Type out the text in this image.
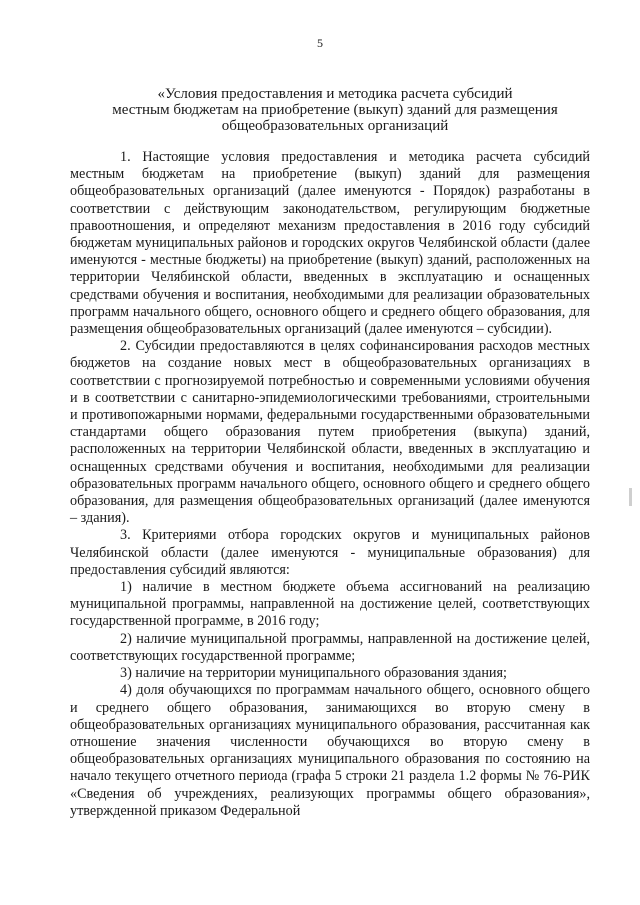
5
«Условия предоставления и методика расчета субсидий
местным бюджетам на приобретение (выкуп) зданий для размещения
общеобразовательных организаций

1. Настоящие условия предоставления и методика расчета субсидий местным бюджетам на приобретение (выкуп) зданий для размещения общеобразовательных организаций (далее именуются - Порядок) разработаны в соответствии с действующим законодательством, регулирующим бюджетные правоотношения, и определяют механизм предоставления в 2016 году субсидий бюджетам муниципальных районов и городских округов Челябинской области (далее именуются - местные бюджеты) на приобретение (выкуп) зданий, расположенных на территории Челябинской области, введенных в эксплуатацию и оснащенных средствами обучения и воспитания, необходимыми для реализации образовательных программ начального общего, основного общего и среднего общего образования, для размещения общеобразовательных организаций (далее именуются – субсидии).

2. Субсидии предоставляются в целях софинансирования расходов местных бюджетов на создание новых мест в общеобразовательных организациях в соответствии с прогнозируемой потребностью и современными условиями обучения и в соответствии с санитарно-эпидемиологическими требованиями, строительными и противопожарными нормами, федеральными государственными образовательными стандартами общего образования путем приобретения (выкупа) зданий, расположенных на территории Челябинской области, введенных в эксплуатацию и оснащенных средствами обучения и воспитания, необходимыми для реализации образовательных программ начального общего, основного общего и среднего общего образования, для размещения общеобразовательных организаций (далее именуются – здания).

3. Критериями отбора городских округов и муниципальных районов Челябинской области (далее именуются - муниципальные образования) для предоставления субсидий являются:

1) наличие в местном бюджете объема ассигнований на реализацию муниципальной программы, направленной на достижение целей, соответствующих государственной программе, в 2016 году;

2) наличие муниципальной программы, направленной на достижение целей, соответствующих государственной программе;

3) наличие на территории муниципального образования здания;

4) доля обучающихся по программам начального общего, основного общего и среднего общего образования, занимающихся во вторую смену в общеобразовательных организациях муниципального образования, рассчитанная как отношение значения численности обучающихся во вторую смену в общеобразовательных организациях муниципального образования по состоянию на начало текущего отчетного периода (графа 5 строки 21 раздела 1.2 формы № 76-РИК «Сведения об учреждениях, реализующих программы общего образования», утвержденной приказом Федеральной
